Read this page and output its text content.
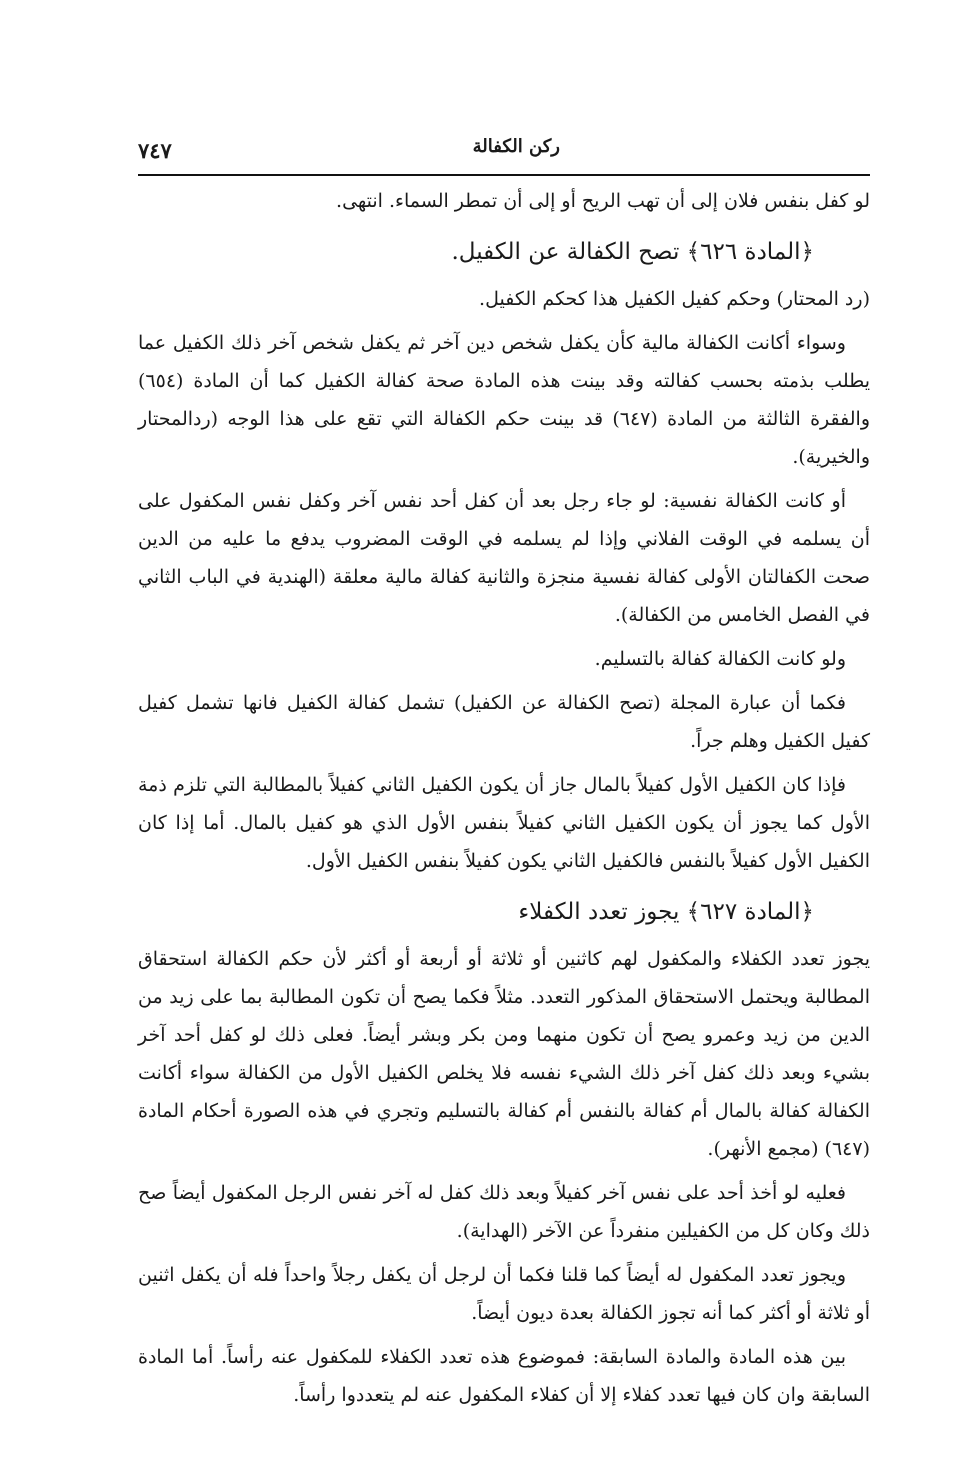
ركن الكفالة
٧٤٧

لو كفل بنفس فلان إلى أن تهب الريح أو إلى أن تمطر السماء. انتهى.

﴿المادة ٦٢٦﴾ تصح الكفالة عن الكفيل.

(رد المحتار) وحكم كفيل الكفيل هذا كحكم الكفيل.

وسواء أكانت الكفالة مالية كأن يكفل شخص دين آخر ثم يكفل شخص آخر ذلك الكفيل عما يطلب بذمته بحسب كفالته وقد بينت هذه المادة صحة كفالة الكفيل كما أن المادة (٦٥٤) والفقرة الثالثة من المادة (٦٤٧) قد بينت حكم الكفالة التي تقع على هذا الوجه (ردالمحتار والخيرية).

أو كانت الكفالة نفسية: لو جاء رجل بعد أن كفل أحد نفس آخر وكفل نفس المكفول على أن يسلمه في الوقت الفلاني وإذا لم يسلمه في الوقت المضروب يدفع ما عليه من الدين صحت الكفالتان الأولى كفالة نفسية منجزة والثانية كفالة مالية معلقة (الهندية في الباب الثاني في الفصل الخامس من الكفالة).

ولو كانت الكفالة كفالة بالتسليم.

فكما أن عبارة المجلة (تصح الكفالة عن الكفيل) تشمل كفالة الكفيل فانها تشمل كفيل كفيل الكفيل وهلم جراً.

فإذا كان الكفيل الأول كفيلاً بالمال جاز أن يكون الكفيل الثاني كفيلاً بالمطالبة التي تلزم ذمة الأول كما يجوز أن يكون الكفيل الثاني كفيلاً بنفس الأول الذي هو كفيل بالمال. أما إذا كان الكفيل الأول كفيلاً بالنفس فالكفيل الثاني يكون كفيلاً بنفس الكفيل الأول.

﴿المادة ٦٢٧﴾ يجوز تعدد الكفلاء

يجوز تعدد الكفلاء والمكفول لهم كاثنين أو ثلاثة أو أربعة أو أكثر لأن حكم الكفالة استحقاق المطالبة ويحتمل الاستحقاق المذكور التعدد. مثلاً فكما يصح أن تكون المطالبة بما على زيد من الدين من زيد وعمرو يصح أن تكون منهما ومن بكر وبشر أيضاً. فعلى ذلك لو كفل أحد آخر بشيء وبعد ذلك كفل آخر ذلك الشيء نفسه فلا يخلص الكفيل الأول من الكفالة سواء أكانت الكفالة كفالة بالمال أم كفالة بالنفس أم كفالة بالتسليم وتجري في هذه الصورة أحكام المادة (٦٤٧) (مجمع الأنهر).

فعليه لو أخذ أحد على نفس آخر كفيلاً وبعد ذلك كفل له آخر نفس الرجل المكفول أيضاً صح ذلك وكان كل من الكفيلين منفرداً عن الآخر (الهداية).

ويجوز تعدد المكفول له أيضاً كما قلنا فكما أن لرجل أن يكفل رجلاً واحداً فله أن يكفل اثنين أو ثلاثة أو أكثر كما أنه تجوز الكفالة بعدة ديون أيضاً.

بين هذه المادة والمادة السابقة: فموضوع هذه تعدد الكفلاء للمكفول عنه رأساً. أما المادة السابقة وان كان فيها تعدد كفلاء إلا أن كفلاء المكفول عنه لم يتعددوا رأساً.
